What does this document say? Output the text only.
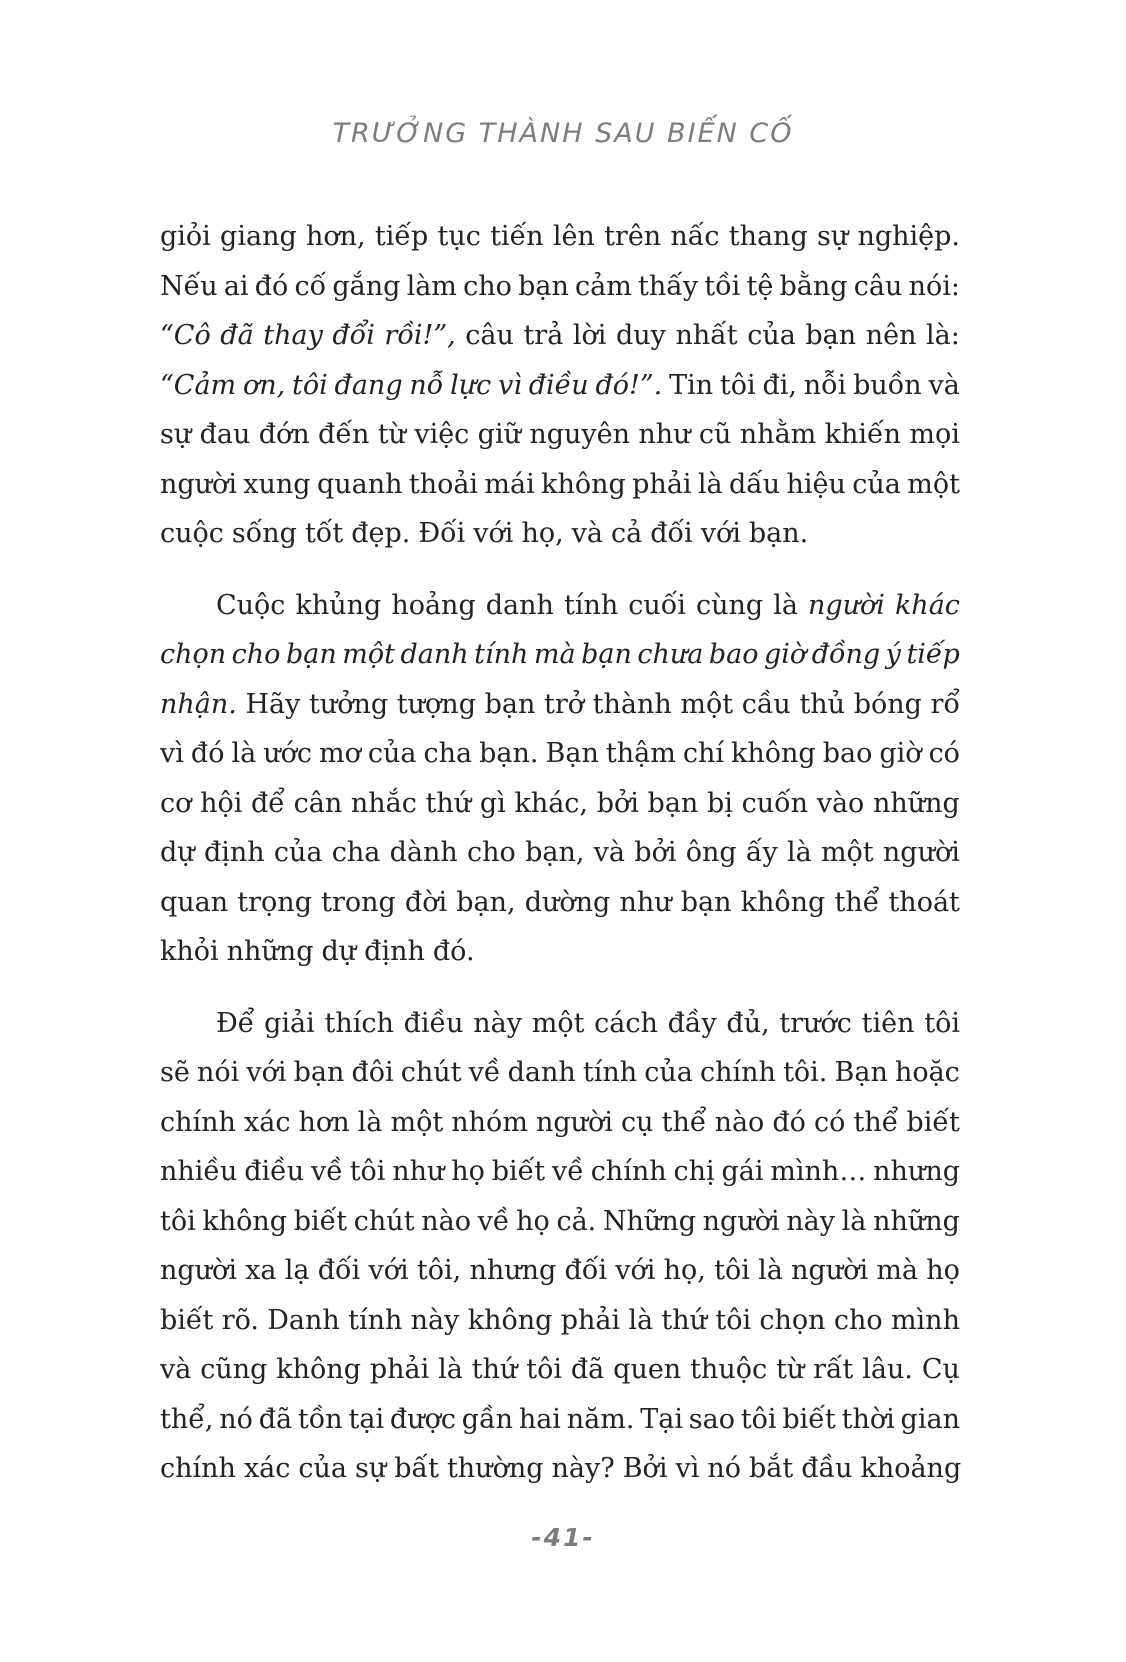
TRƯỞNG THÀNH SAU BIẾN CỐ
giỏi giang hơn, tiếp tục tiến lên trên nấc thang sự nghiệp.
Nếu ai đó cố gắng làm cho bạn cảm thấy tồi tệ bằng câu nói:
“Cô đã thay đổi rồi!”, câu trả lời duy nhất của bạn nên là:
“Cảm ơn, tôi đang nỗ lực vì điều đó!”. Tin tôi đi, nỗi buồn và
sự đau đớn đến từ việc giữ nguyên như cũ nhằm khiến mọi
người xung quanh thoải mái không phải là dấu hiệu của một
cuộc sống tốt đẹp. Đối với họ, và cả đối với bạn.
Cuộc khủng hoảng danh tính cuối cùng là người khác
chọn cho bạn một danh tính mà bạn chưa bao giờ đồng ý tiếp
nhận. Hãy tưởng tượng bạn trở thành một cầu thủ bóng rổ
vì đó là ước mơ của cha bạn. Bạn thậm chí không bao giờ có
cơ hội để cân nhắc thứ gì khác, bởi bạn bị cuốn vào những
dự định của cha dành cho bạn, và bởi ông ấy là một người
quan trọng trong đời bạn, dường như bạn không thể thoát
khỏi những dự định đó.
Để giải thích điều này một cách đầy đủ, trước tiên tôi
sẽ nói với bạn đôi chút về danh tính của chính tôi. Bạn hoặc
chính xác hơn là một nhóm người cụ thể nào đó có thể biết
nhiều điều về tôi như họ biết về chính chị gái mình… nhưng
tôi không biết chút nào về họ cả. Những người này là những
người xa lạ đối với tôi, nhưng đối với họ, tôi là người mà họ
biết rõ. Danh tính này không phải là thứ tôi chọn cho mình
và cũng không phải là thứ tôi đã quen thuộc từ rất lâu. Cụ
thể, nó đã tồn tại được gần hai năm. Tại sao tôi biết thời gian
chính xác của sự bất thường này? Bởi vì nó bắt đầu khoảng
-41-
